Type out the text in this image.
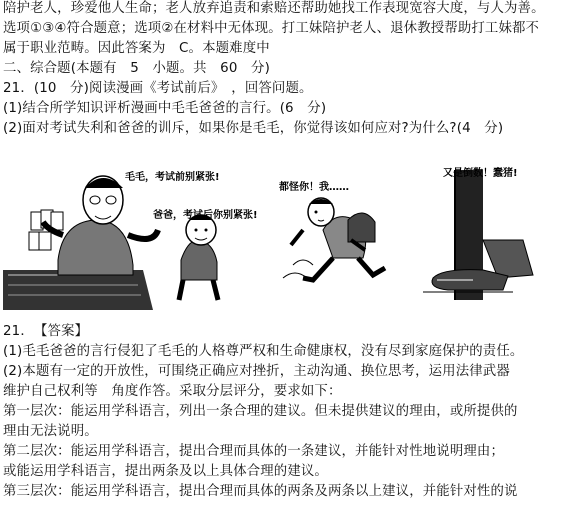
陪护老人，珍爱他人生命；老人放弃追责和索赔还帮助她找工作表现宽容大度，与人为善。
选项①③④符合题意；选项②在材料中无体现。打工妹陪护老人、退休教授帮助打工妹都不
属于职业范畴。因此答案为　C。本题难度中
二、综合题(本题有　5　小题。共　60　分)
21．(10　分)阅读漫画《考试前后》　，回答问题。
(1)结合所学知识评析漫画中毛毛爸爸的言行。(6　分)
(2)面对考试失利和爸爸的训斥，如果你是毛毛，你觉得该如何应对?为什么?(4　分)
毛毛，考试前别紧张!
爸爸，考试后你别紧张!
都怪你！我……
又是倒数！蠢猪!
21．　【答案】
(1)毛毛爸爸的言行侵犯了毛毛的人格尊严权和生命健康权，没有尽到家庭保护的责任。
(2)本题有一定的开放性，可围绕正确应对挫折，主动沟通、换位思考，运用法律武器
维护自己权利等　角度作答。采取分层评分，要求如下：
第一层次：能运用学科语言，列出一条合理的建议。但未提供建议的理由，或所提供的
理由无法说明。
第二层次：能运用学科语言，提出合理而具体的一条建议，并能针对性地说明理由；
或能运用学科语言，提出两条及以上具体合理的建议。
第三层次：能运用学科语言，提出合理而具体的两条及两条以上建议，并能针对性的说
